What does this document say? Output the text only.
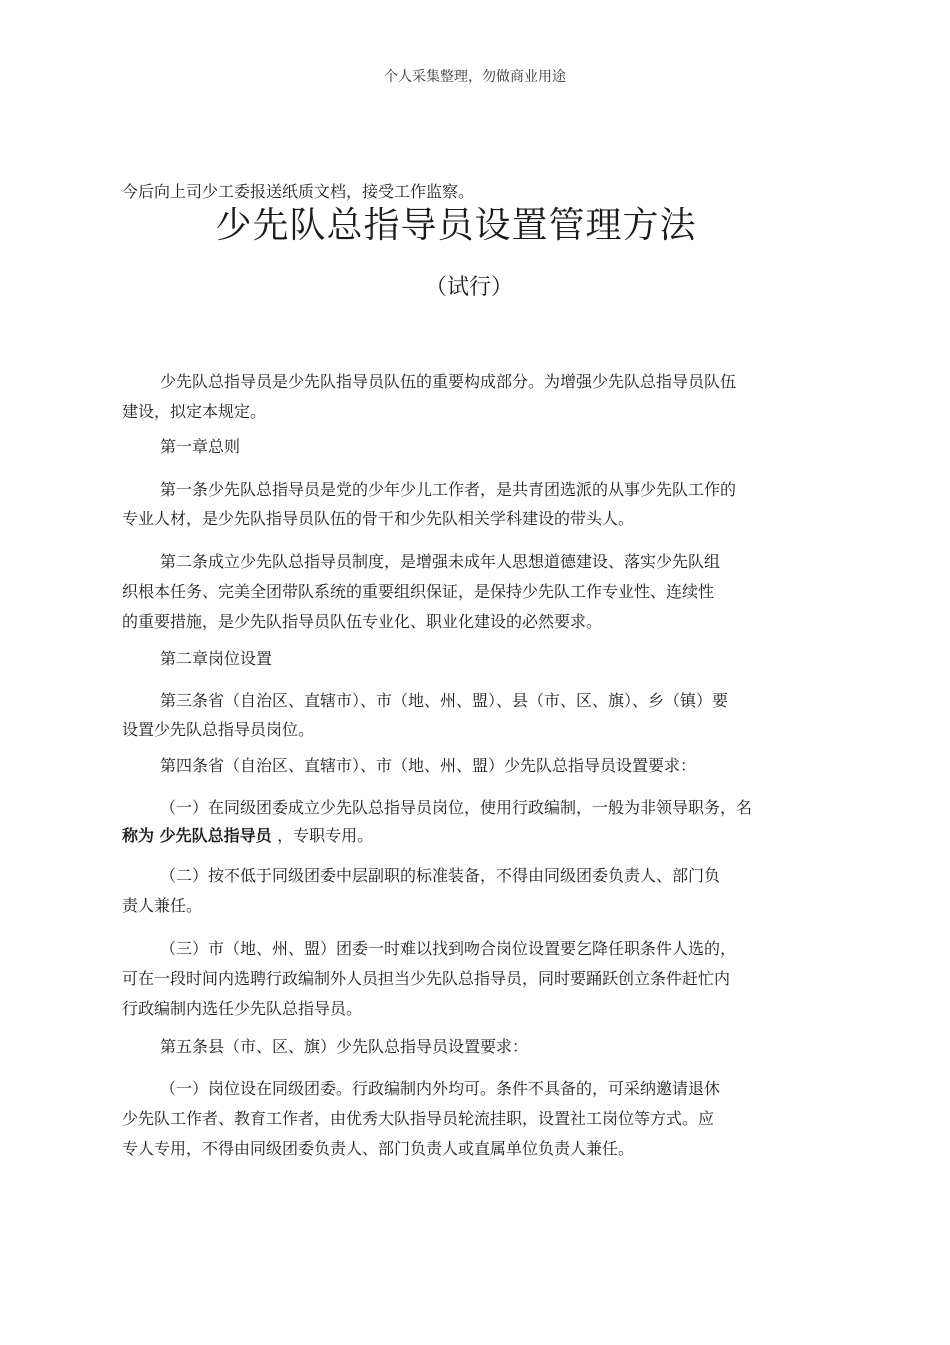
个人采集整理，勿做商业用途
今后向上司少工委报送纸质文档，接受工作监察。
少先队总指导员设置管理方法
（试行）
少先队总指导员是少先队指导员队伍的重要构成部分。为增强少先队总指导员队伍
建设，拟定本规定。
第一章总则
第一条少先队总指导员是党的少年少儿工作者，是共青团选派的从事少先队工作的
专业人材，是少先队指导员队伍的骨干和少先队相关学科建设的带头人。
第二条成立少先队总指导员制度，是增强未成年人思想道德建设、落实少先队组
织根本任务、完美全团带队系统的重要组织保证，是保持少先队工作专业性、连续性
的重要措施，是少先队指导员队伍专业化、职业化建设的必然要求。
第二章岗位设置
第三条省（自治区、直辖市）、市（地、州、盟）、县（市、区、旗）、乡（镇）要
设置少先队总指导员岗位。
第四条省（自治区、直辖市）、市（地、州、盟）少先队总指导员设置要求：
（一）在同级团委成立少先队总指导员岗位，使用行政编制，一般为非领导职务，名
称为 少先队总指导员 ，专职专用。
（二）按不低于同级团委中层副职的标准装备，不得由同级团委负责人、部门负
责人兼任。
（三）市（地、州、盟）团委一时难以找到吻合岗位设置要乞降任职条件人选的，
可在一段时间内选聘行政编制外人员担当少先队总指导员，同时要踊跃创立条件赶忙内
行政编制内选任少先队总指导员。
第五条县（市、区、旗）少先队总指导员设置要求：
（一）岗位设在同级团委。行政编制内外均可。条件不具备的，可采纳邀请退休
少先队工作者、教育工作者，由优秀大队指导员轮流挂职，设置社工岗位等方式。应
专人专用，不得由同级团委负责人、部门负责人或直属单位负责人兼任。
